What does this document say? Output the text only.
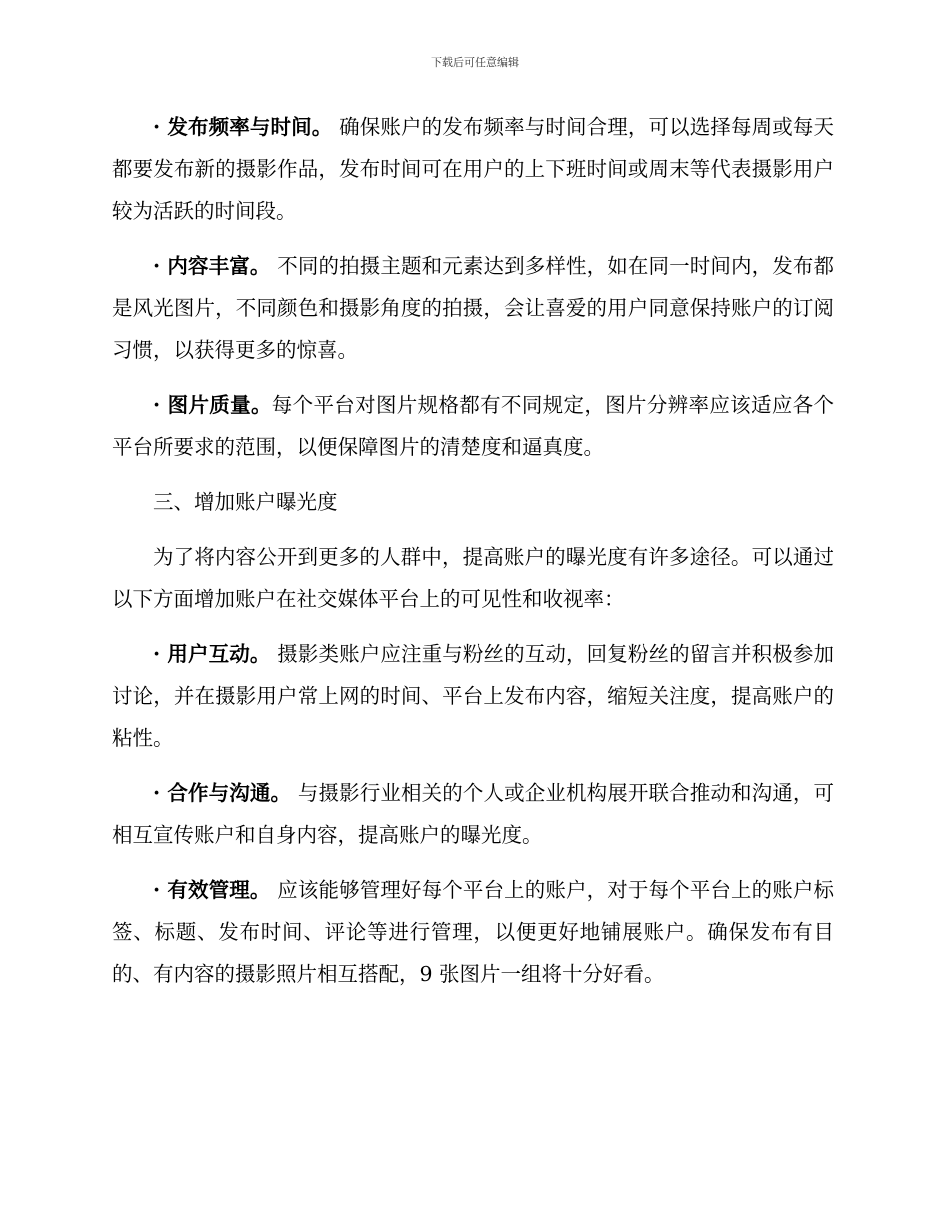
下载后可任意编辑

· 发布频率与时间。 确保账户的发布频率与时间合理，可以选择每周或每天都要发布新的摄影作品，发布时间可在用户的上下班时间或周末等代表摄影用户较为活跃的时间段。

· 内容丰富。 不同的拍摄主题和元素达到多样性，如在同一时间内，发布都是风光图片，不同颜色和摄影角度的拍摄，会让喜爱的用户同意保持账户的订阅习惯，以获得更多的惊喜。

· 图片质量。每个平台对图片规格都有不同规定，图片分辨率应该适应各个平台所要求的范围，以便保障图片的清楚度和逼真度。

三、增加账户曝光度

为了将内容公开到更多的人群中，提高账户的曝光度有许多途径。可以通过以下方面增加账户在社交媒体平台上的可见性和收视率：

· 用户互动。 摄影类账户应注重与粉丝的互动，回复粉丝的留言并积极参加讨论，并在摄影用户常上网的时间、平台上发布内容，缩短关注度，提高账户的粘性。

· 合作与沟通。 与摄影行业相关的个人或企业机构展开联合推动和沟通，可相互宣传账户和自身内容，提高账户的曝光度。

· 有效管理。 应该能够管理好每个平台上的账户，对于每个平台上的账户标签、标题、发布时间、评论等进行管理，以便更好地铺展账户。确保发布有目的、有内容的摄影照片相互搭配，9 张图片一组将十分好看。
